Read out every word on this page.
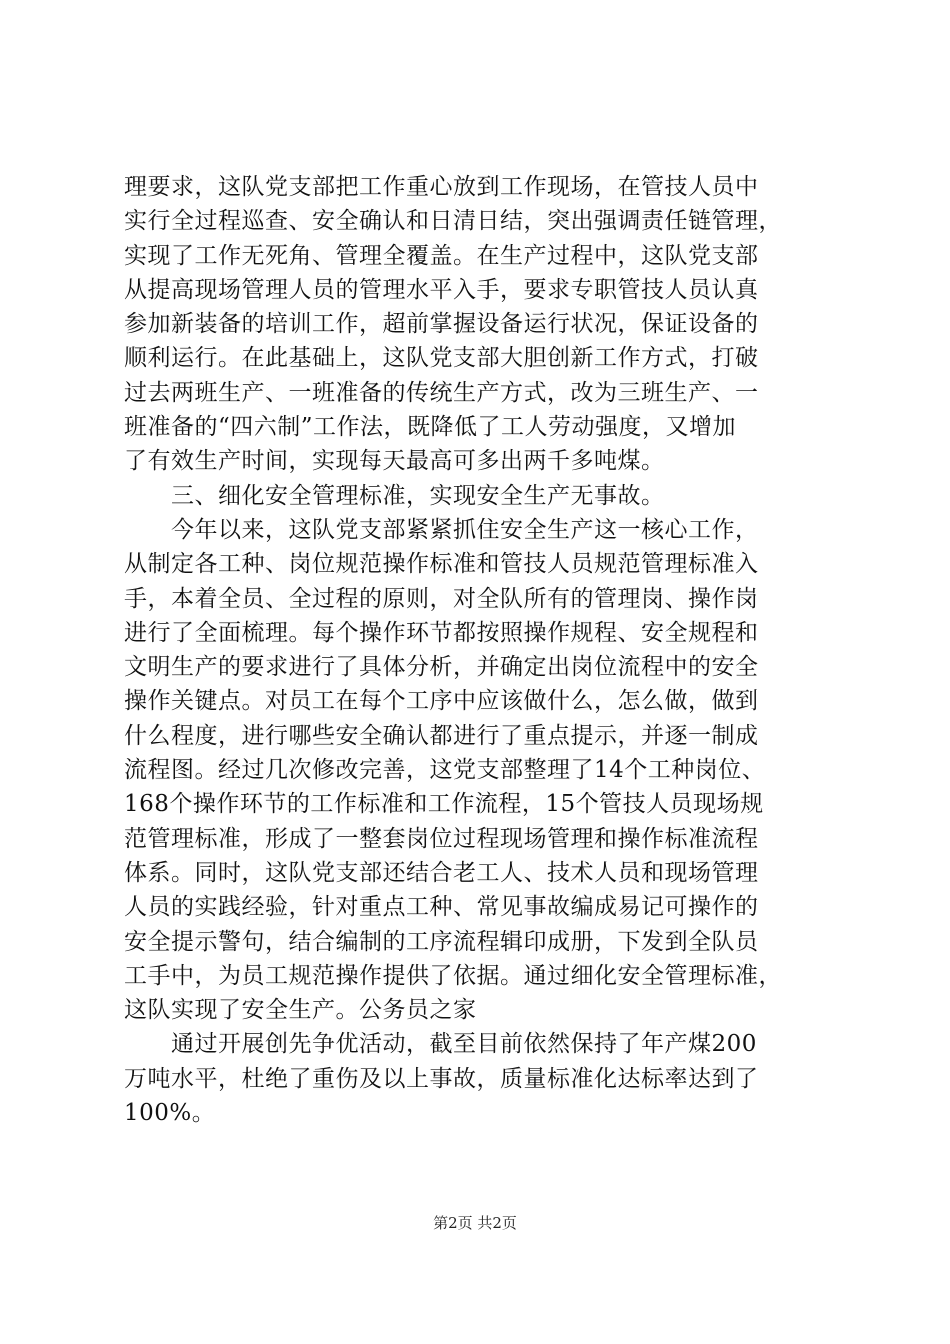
理要求，这队党支部把工作重心放到工作现场，在管技人员中
实行全过程巡查、安全确认和日清日结，突出强调责任链管理，
实现了工作无死角、管理全覆盖。在生产过程中，这队党支部
从提高现场管理人员的管理水平入手，要求专职管技人员认真
参加新装备的培训工作，超前掌握设备运行状况，保证设备的
顺利运行。在此基础上，这队党支部大胆创新工作方式，打破
过去两班生产、一班准备的传统生产方式，改为三班生产、一
班准备的“四六制”工作法，既降低了工人劳动强度，又增加
了有效生产时间，实现每天最高可多出两千多吨煤。
　　三、细化安全管理标准，实现安全生产无事故。
　　今年以来，这队党支部紧紧抓住安全生产这一核心工作，
从制定各工种、岗位规范操作标准和管技人员规范管理标准入
手，本着全员、全过程的原则，对全队所有的管理岗、操作岗
进行了全面梳理。每个操作环节都按照操作规程、安全规程和
文明生产的要求进行了具体分析，并确定出岗位流程中的安全
操作关键点。对员工在每个工序中应该做什么，怎么做，做到
什么程度，进行哪些安全确认都进行了重点提示，并逐一制成
流程图。经过几次修改完善，这党支部整理了14个工种岗位、
168个操作环节的工作标准和工作流程，15个管技人员现场规
范管理标准，形成了一整套岗位过程现场管理和操作标准流程
体系。同时，这队党支部还结合老工人、技术人员和现场管理
人员的实践经验，针对重点工种、常见事故编成易记可操作的
安全提示警句，结合编制的工序流程辑印成册，下发到全队员
工手中，为员工规范操作提供了依据。通过细化安全管理标准，
这队实现了安全生产。公务员之家
　　通过开展创先争优活动，截至目前依然保持了年产煤200
万吨水平，杜绝了重伤及以上事故，质量标准化达标率达到了
100%。
第2页 共2页
